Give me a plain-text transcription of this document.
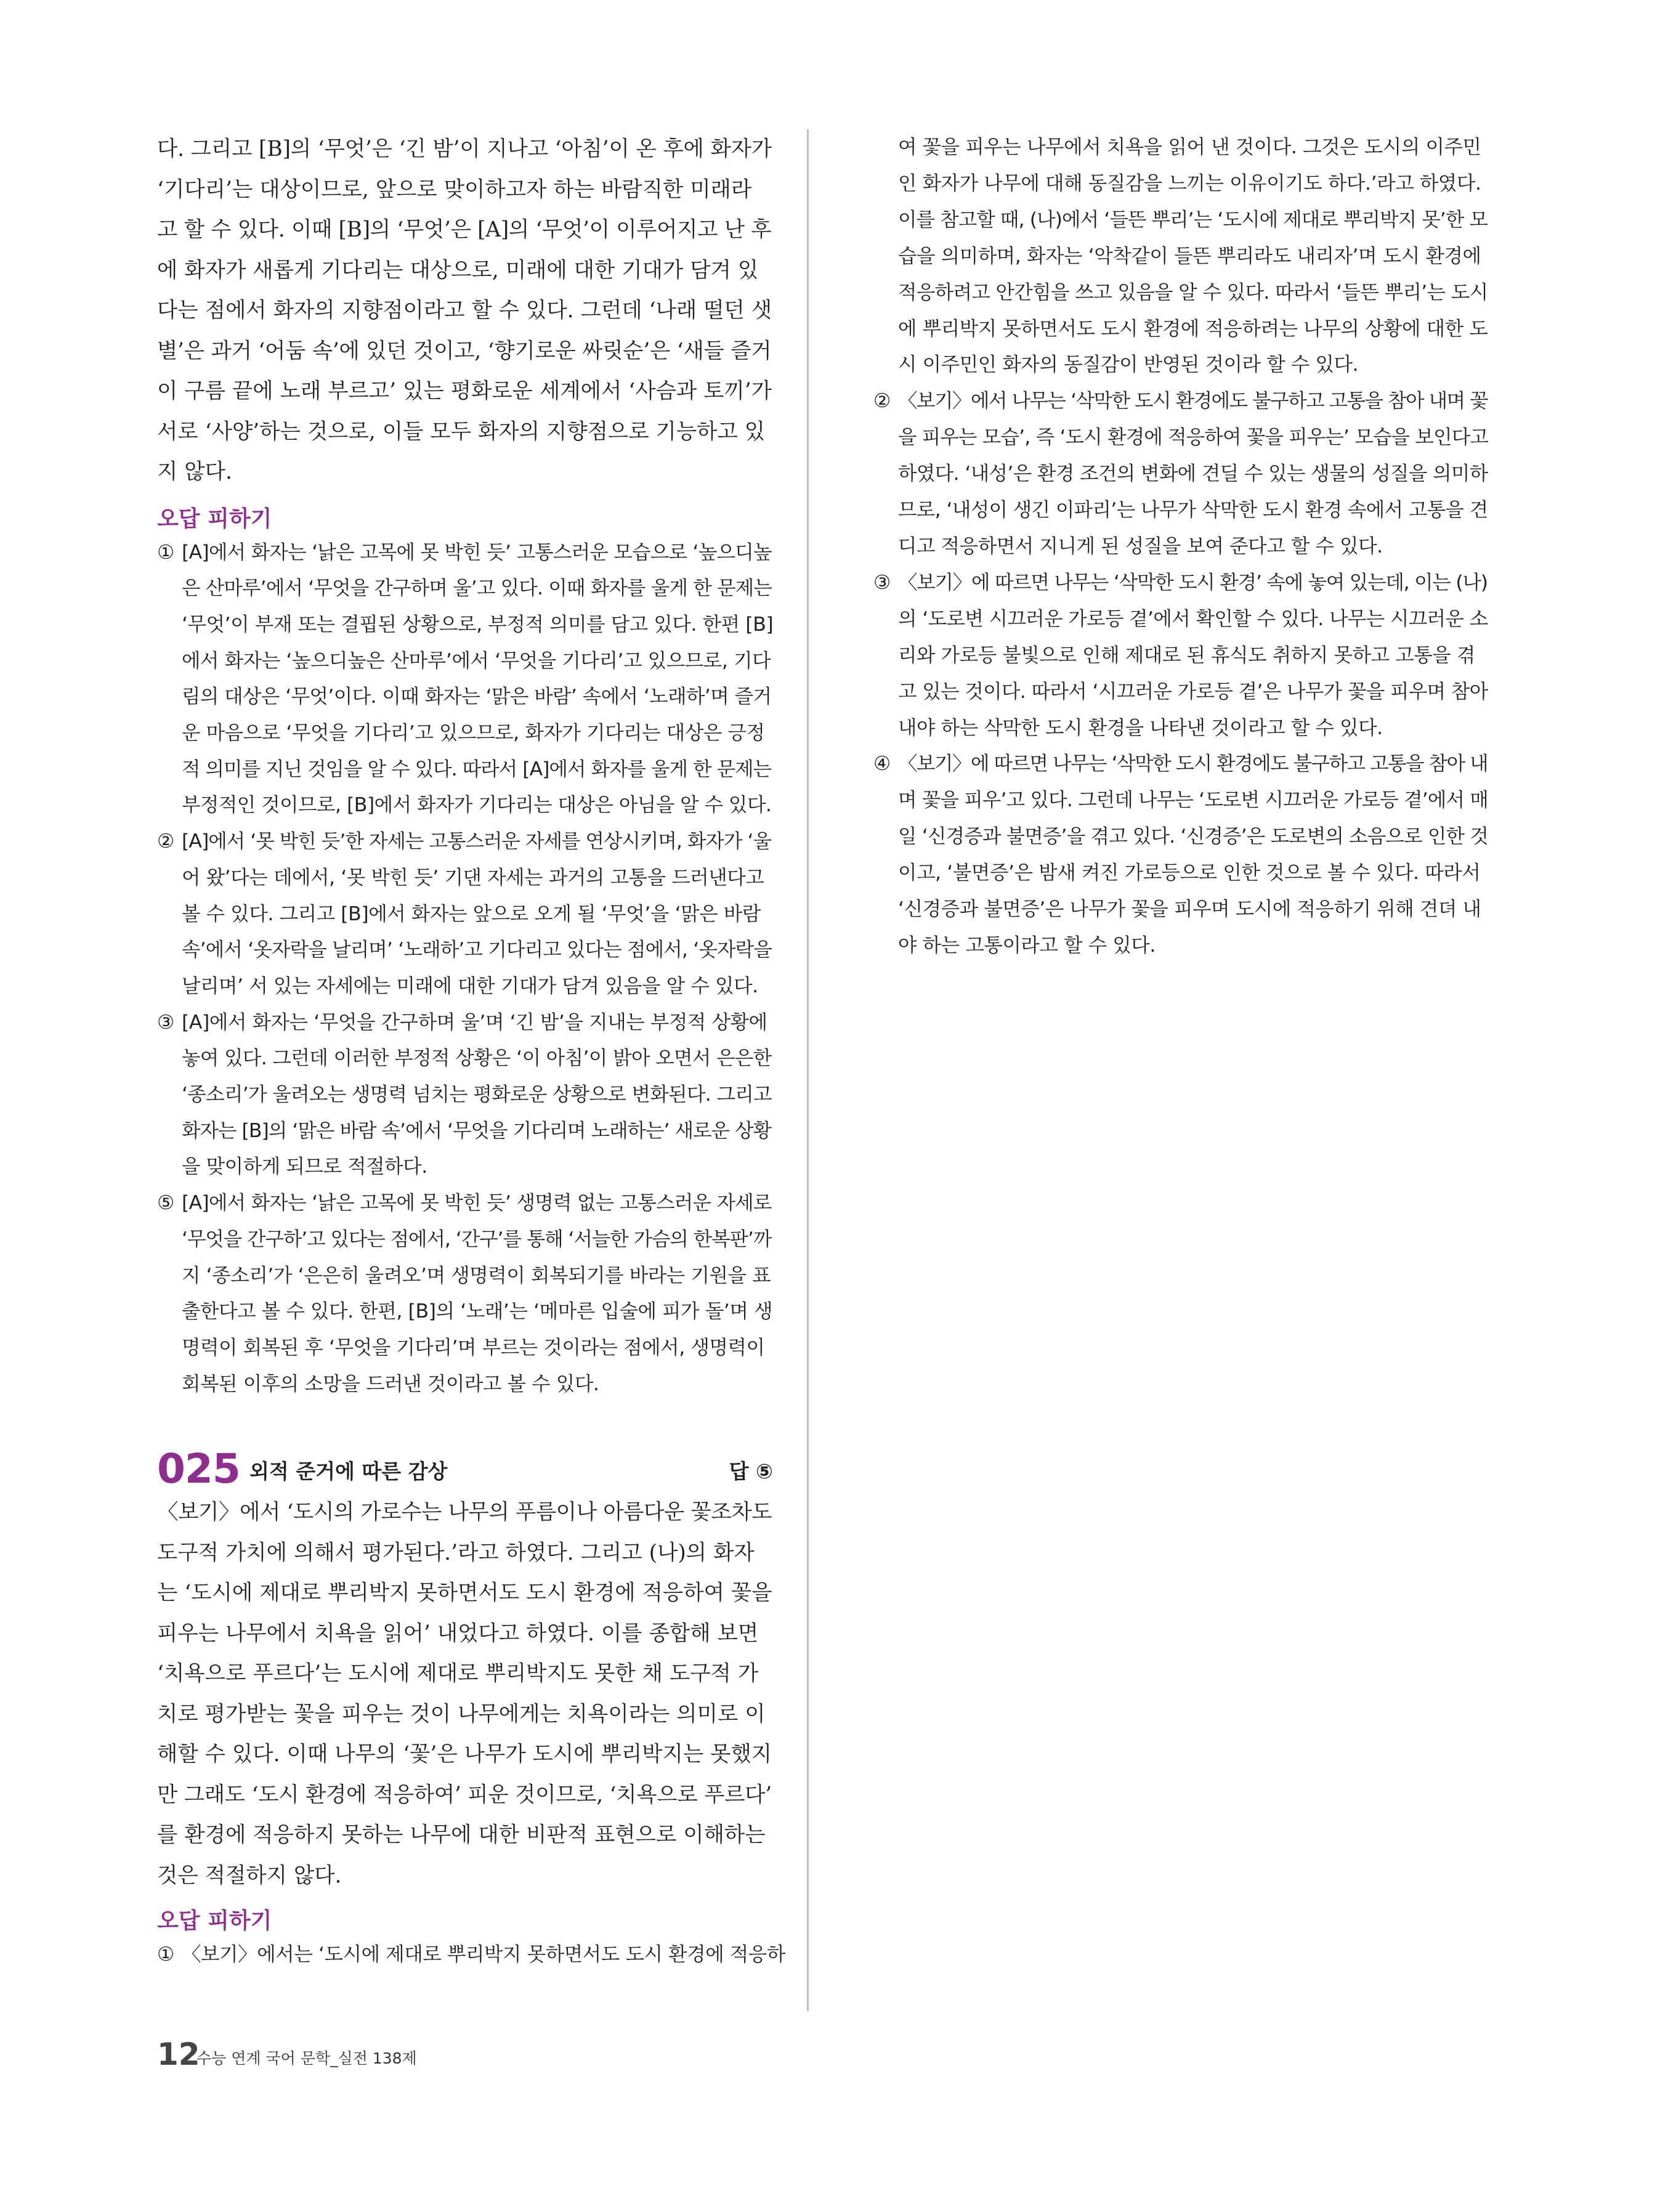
다. 그리고 [B]의 ‘무엇’은 ‘긴 밤’이 지나고 ‘아침’이 온 후에 화자가
‘기다리’는 대상이므로, 앞으로 맞이하고자 하는 바람직한 미래라
고 할 수 있다. 이때 [B]의 ‘무엇’은 [A]의 ‘무엇’이 이루어지고 난 후
에 화자가 새롭게 기다리는 대상으로, 미래에 대한 기대가 담겨 있
다는 점에서 화자의 지향점이라고 할 수 있다. 그런데 ‘나래 떨던 샛
별’은 과거 ‘어둠 속’에 있던 것이고, ‘향기로운 싸릿순’은 ‘새들 즐거
이 구름 끝에 노래 부르고’ 있는 평화로운 세계에서 ‘사슴과 토끼’가
서로 ‘사양’하는 것으로, 이들 모두 화자의 지향점으로 기능하고 있
지 않다.
오답 피하기
① [A]에서 화자는 ‘낡은 고목에 못 박힌 듯’ 고통스러운 모습으로 ‘높으디높은 산마루’에서 ‘무엇을 간구하며 울’고 있다. 이때 화자를 울게 한 문제는
‘무엇’이 부재 또는 결핍된 상황으로, 부정적 의미를 담고 있다. 한편 [B]
에서 화자는 ‘높으디높은 산마루’에서 ‘무엇을 기다리’고 있으므로, 기다
림의 대상은 ‘무엇’이다. 이때 화자는 ‘맑은 바람’ 속에서 ‘노래하’며 즐거
운 마음으로 ‘무엇을 기다리’고 있으므로, 화자가 기다리는 대상은 긍정
적 의미를 지닌 것임을 알 수 있다. 따라서 [A]에서 화자를 울게 한 문제는부정적인 것이므로, [B]에서 화자가 기다리는 대상은 아님을 알 수 있다.
② [A]에서 ‘못 박힌 듯’한 자세는 고통스러운 자세를 연상시키며, 화자가 ‘울
어 왔’다는 데에서, ‘못 박힌 듯’ 기댄 자세는 과거의 고통을 드러낸다고
볼 수 있다. 그리고 [B]에서 화자는 앞으로 오게 될 ‘무엇’을 ‘맑은 바람
속’에서 ‘옷자락을 날리며’ ‘노래하’고 기다리고 있다는 점에서, ‘옷자락을
날리며’ 서 있는 자세에는 미래에 대한 기대가 담겨 있음을 알 수 있다.
③ [A]에서 화자는 ‘무엇을 간구하며 울’며 ‘긴 밤’을 지내는 부정적 상황에
놓여 있다. 그런데 이러한 부정적 상황은 ‘이 아침’이 밝아 오면서 은은한‘종소리’가 울려오는 생명력 넘치는 평화로운 상황으로 변화된다. 그리고화자는 [B]의 ‘맑은 바람 속’에서 ‘무엇을 기다리며 노래하는’ 새로운 상황
을 맞이하게 되므로 적절하다.
⑤ [A]에서 화자는 ‘낡은 고목에 못 박힌 듯’ 생명력 없는 고통스러운 자세로‘무엇을 간구하’고 있다는 점에서, ‘간구’를 통해 ‘서늘한 가슴의 한복판’까
지 ‘종소리’가 ‘은은히 울려오’며 생명력이 회복되기를 바라는 기원을 표
출한다고 볼 수 있다. 한편, [B]의 ‘노래’는 ‘메마른 입술에 피가 돌’며 생
명력이 회복된 후 ‘무엇을 기다리’며 부르는 것이라는 점에서, 생명력이
회복된 이후의 소망을 드러낸 것이라고 볼 수 있다.
025 외적 준거에 따른 감상	답 ⑤
〈보기〉에서 ‘도시의 가로수는 나무의 푸름이나 아름다운 꽃조차도
도구적 가치에 의해서 평가된다.’라고 하였다. 그리고 (나)의 화자
는 ‘도시에 제대로 뿌리박지 못하면서도 도시 환경에 적응하여 꽃을
피우는 나무에서 치욕을 읽어’ 내었다고 하였다. 이를 종합해 보면
‘치욕으로 푸르다’는 도시에 제대로 뿌리박지도 못한 채 도구적 가
치로 평가받는 꽃을 피우는 것이 나무에게는 치욕이라는 의미로 이
해할 수 있다. 이때 나무의 ‘꽃’은 나무가 도시에 뿌리박지는 못했지
만 그래도 ‘도시 환경에 적응하여’ 피운 것이므로, ‘치욕으로 푸르다’
를 환경에 적응하지 못하는 나무에 대한 비판적 표현으로 이해하는
것은 적절하지 않다.
오답 피하기
① 〈보기〉에서는 ‘도시에 제대로 뿌리박지 못하면서도 도시 환경에 적응하
여 꽃을 피우는 나무에서 치욕을 읽어 낸 것이다. 그것은 도시의 이주민
인 화자가 나무에 대해 동질감을 느끼는 이유이기도 하다.’라고 하였다.
이를 참고할 때, (나)에서 ‘들뜬 뿌리’는 ‘도시에 제대로 뿌리박지 못’한 모
습을 의미하며, 화자는 ‘악착같이 들뜬 뿌리라도 내리자’며 도시 환경에
적응하려고 안간힘을 쓰고 있음을 알 수 있다. 따라서 ‘들뜬 뿌리’는 도시
에 뿌리박지 못하면서도 도시 환경에 적응하려는 나무의 상황에 대한 도
시 이주민인 화자의 동질감이 반영된 것이라 할 수 있다.
② 〈보기〉에서 나무는 ‘삭막한 도시 환경에도 불구하고 고통을 참아 내며 꽃을 피우는 모습’, 즉 ‘도시 환경에 적응하여 꽃을 피우는’ 모습을 보인다고하였다. ‘내성’은 환경 조건의 변화에 견딜 수 있는 생물의 성질을 의미하므로, ‘내성이 생긴 이파리’는 나무가 삭막한 도시 환경 속에서 고통을 견
디고 적응하면서 지니게 된 성질을 보여 준다고 할 수 있다.
③ 〈보기〉에 따르면 나무는 ‘삭막한 도시 환경’ 속에 놓여 있는데, 이는 (나)의 ‘도로변 시끄러운 가로등 곁’에서 확인할 수 있다. 나무는 시끄러운 소
리와 가로등 불빛으로 인해 제대로 된 휴식도 취하지 못하고 고통을 겪
고 있는 것이다. 따라서 ‘시끄러운 가로등 곁’은 나무가 꽃을 피우며 참아
내야 하는 삭막한 도시 환경을 나타낸 것이라고 할 수 있다.
④ 〈보기〉에 따르면 나무는 ‘삭막한 도시 환경에도 불구하고 고통을 참아 내며 꽃을 피우’고 있다. 그런데 나무는 ‘도로변 시끄러운 가로등 곁’에서 매일 ‘신경증과 불면증’을 겪고 있다. ‘신경증’은 도로변의 소음으로 인한 것
이고, ‘불면증’은 밤새 켜진 가로등으로 인한 것으로 볼 수 있다. 따라서
‘신경증과 불면증’은 나무가 꽃을 피우며 도시에 적응하기 위해 견뎌 내
야 하는 고통이라고 할 수 있다.
12
수능 연계 국어 문학_실전 138제
